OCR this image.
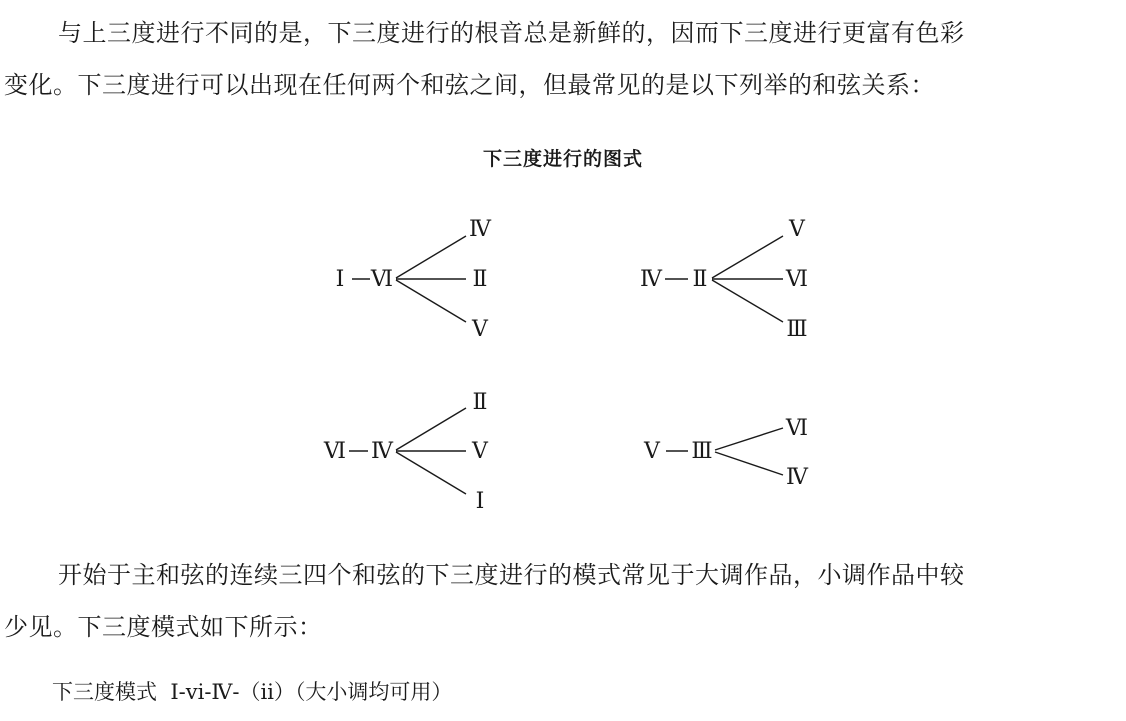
与上三度进行不同的是，下三度进行的根音总是新鲜的，因而下三度进行更富有色彩
变化。下三度进行可以出现在任何两个和弦之间，但最常见的是以下列举的和弦关系：
下三度进行的图式
Ⅰ Ⅵ
Ⅳ
Ⅱ
Ⅴ
Ⅳ Ⅱ
Ⅴ
Ⅵ
Ⅲ
Ⅵ Ⅳ
Ⅱ
Ⅴ
Ⅰ
Ⅴ Ⅲ
Ⅵ
Ⅳ
开始于主和弦的连续三四个和弦的下三度进行的模式常见于大调作品，小调作品中较
少见。下三度模式如下所示：
下三度模式 Ⅰ-ⅵ-Ⅳ-（ⅱ）（大小调均可用）
